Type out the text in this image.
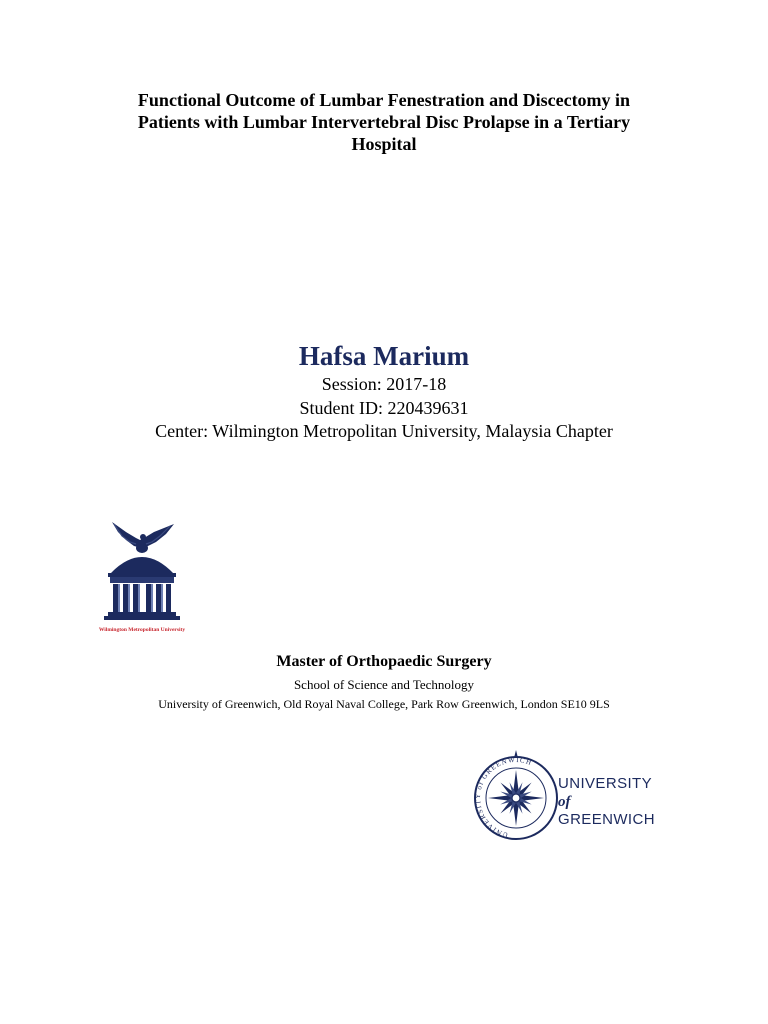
Functional Outcome of Lumbar Fenestration and Discectomy in
Patients with Lumbar Intervertebral Disc Prolapse in a Tertiary
Hospital
Hafsa Marium
Session: 2017-18
Student ID: 220439631
Center: Wilmington Metropolitan University, Malaysia Chapter
Wilmington Metropolitan University
Master of Orthopaedic Surgery
School of Science and Technology
University of Greenwich, Old Royal Naval College, Park Row Greenwich, London SE10 9LS
UNIVERSITY of GREENWICH
UNIVERSITY
of
GREENWICH
